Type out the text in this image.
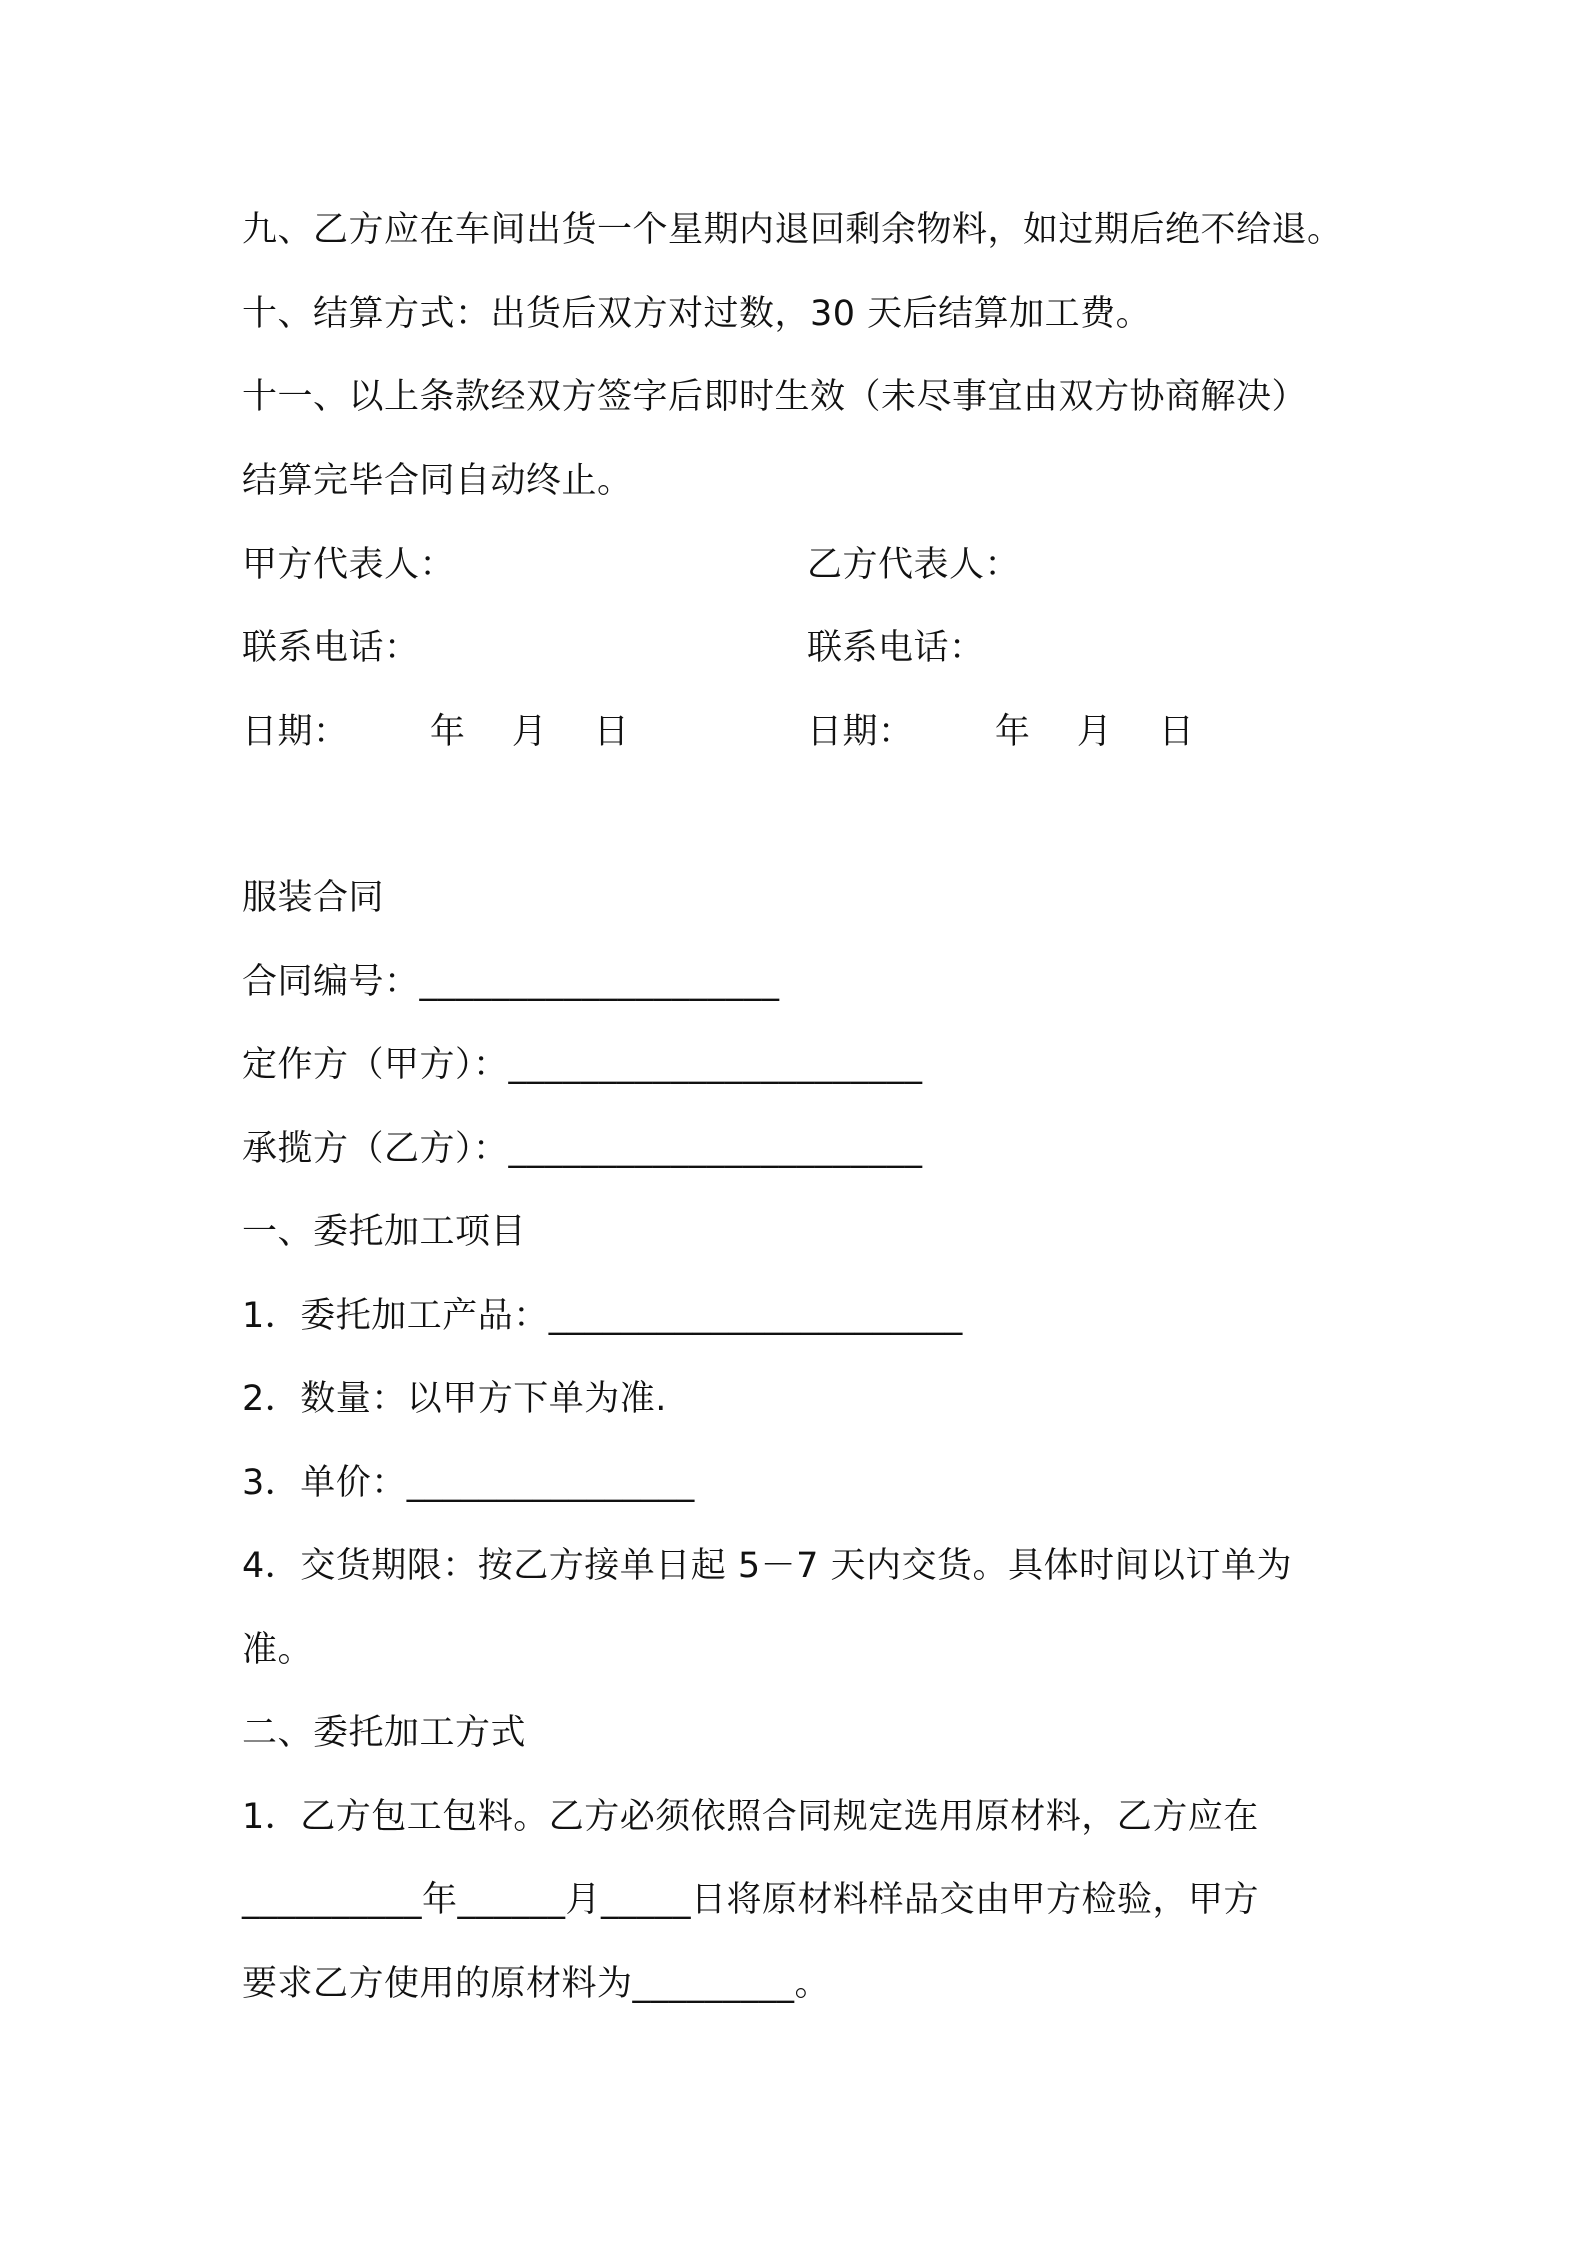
九、乙方应在车间出货一个星期内退回剩余物料，如过期后绝不给退。
十、结算方式：出货后双方对过数，30 天后结算加工费。
十一、以上条款经双方签字后即时生效（未尽事宜由双方协商解决）
结算完毕合同自动终止。
甲方代表人：	乙方代表人：
联系电话：	联系电话：
日期：       年    月    日	日期：       年    月    日
服装合同
合同编号：____________________
定作方（甲方）：_______________________
承揽方（乙方）：_______________________
一、委托加工项目
1．委托加工产品：_______________________
2．数量：以甲方下单为准.
3．单价：________________
4．交货期限：按乙方接单日起 5－7 天内交货。具体时间以订单为
准。
二、委托加工方式
1．乙方包工包料。乙方必须依照合同规定选用原材料，乙方应在
__________年______月_____日将原材料样品交由甲方检验，甲方
要求乙方使用的原材料为_________。
